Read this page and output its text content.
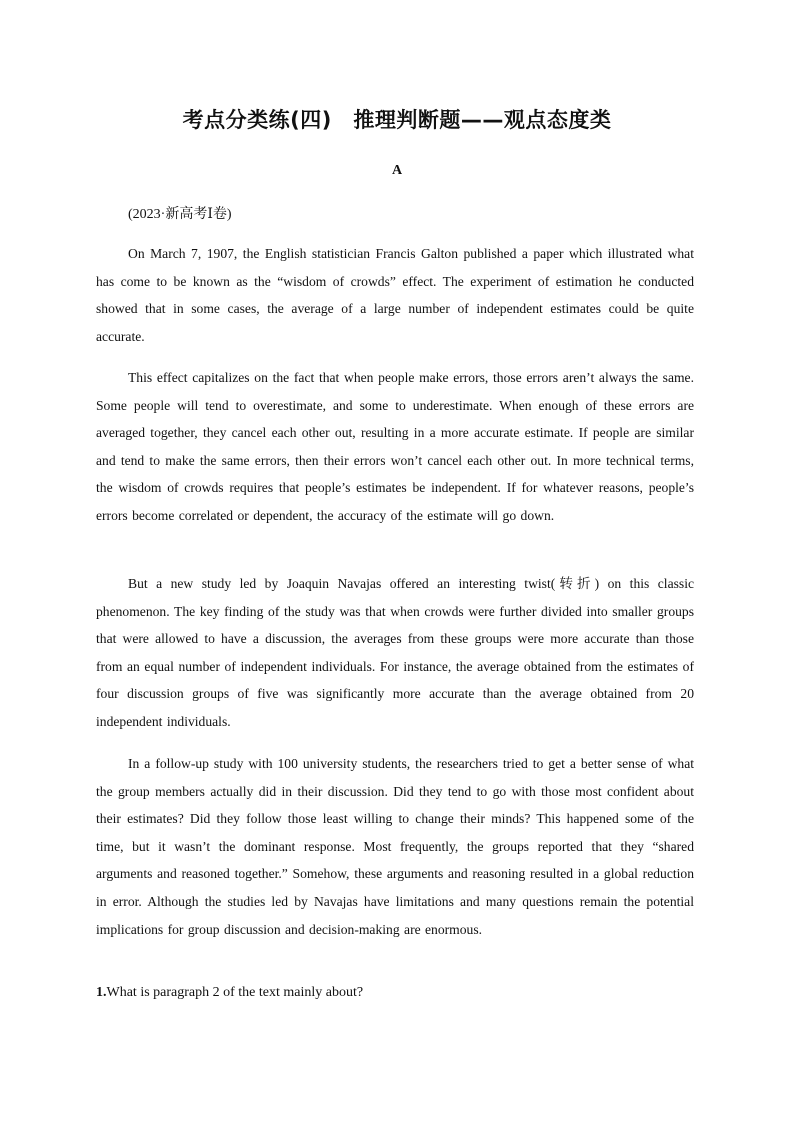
考点分类练(四)　推理判断题——观点态度类
A
(2023·新高考Ⅰ卷)

On March 7, 1907, the English statistician Francis Galton published a paper which illustrated what has come to be known as the “wisdom of crowds” effect. The experiment of estimation he conducted showed that in some cases, the average of a large number of independent estimates could be quite accurate.

This effect capitalizes on the fact that when people make errors, those errors aren’t always the same. Some people will tend to overestimate, and some to underestimate. When enough of these errors are averaged together, they cancel each other out, resulting in a more accurate estimate. If people are similar and tend to make the same errors, then their errors won’t cancel each other out. In more technical terms, the wisdom of crowds requires that people’s estimates be independent. If for whatever reasons, people’s errors become correlated or dependent, the accuracy of the estimate will go down.

But a new study led by Joaquin Navajas offered an interesting twist(转折) on this classic phenomenon. The key finding of the study was that when crowds were further divided into smaller groups that were allowed to have a discussion, the averages from these groups were more accurate than those from an equal number of independent individuals. For instance, the average obtained from the estimates of four discussion groups of five was significantly more accurate than the average obtained from 20 independent individuals.

In a follow-up study with 100 university students, the researchers tried to get a better sense of what the group members actually did in their discussion. Did they tend to go with those most confident about their estimates? Did they follow those least willing to change their minds? This happened some of the time, but it wasn’t the dominant response. Most frequently, the groups reported that they “shared arguments and reasoned together.” Somehow, these arguments and reasoning resulted in a global reduction in error. Although the studies led by Navajas have limitations and many questions remain the potential implications for group discussion and decision-making are enormous.

1.What is paragraph 2 of the text mainly about?
